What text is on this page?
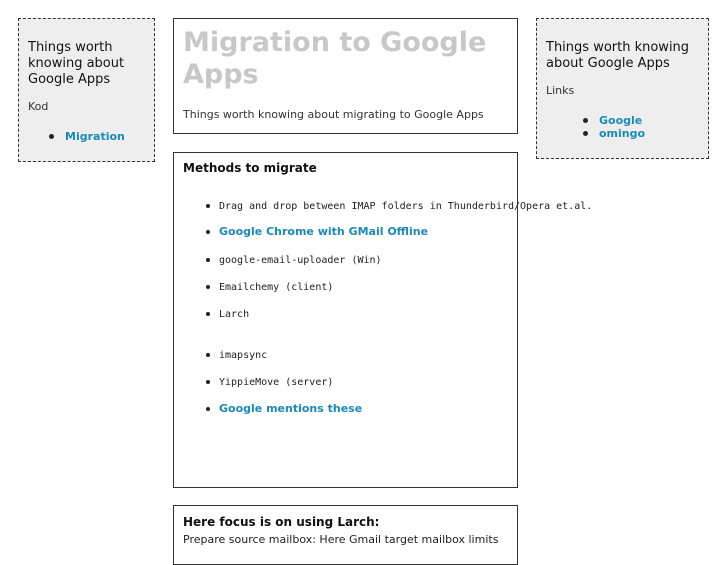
Things worth knowing about Google Apps
Kod
Migration
Migration to Google Apps
Things worth knowing about migrating to Google Apps
Things worth knowing about Google Apps
Links
Google
omingo
Methods to migrate
Drag and drop between IMAP folders in Thunderbird/Opera et.al.
Google Chrome with GMail Offline
google-email-uploader (Win)
Emailchemy (client)
Larch
imapsync
YippieMove (server)
Google mentions these
Here focus is on using Larch:
Prepare source mailbox: Here Gmail target mailbox limits
